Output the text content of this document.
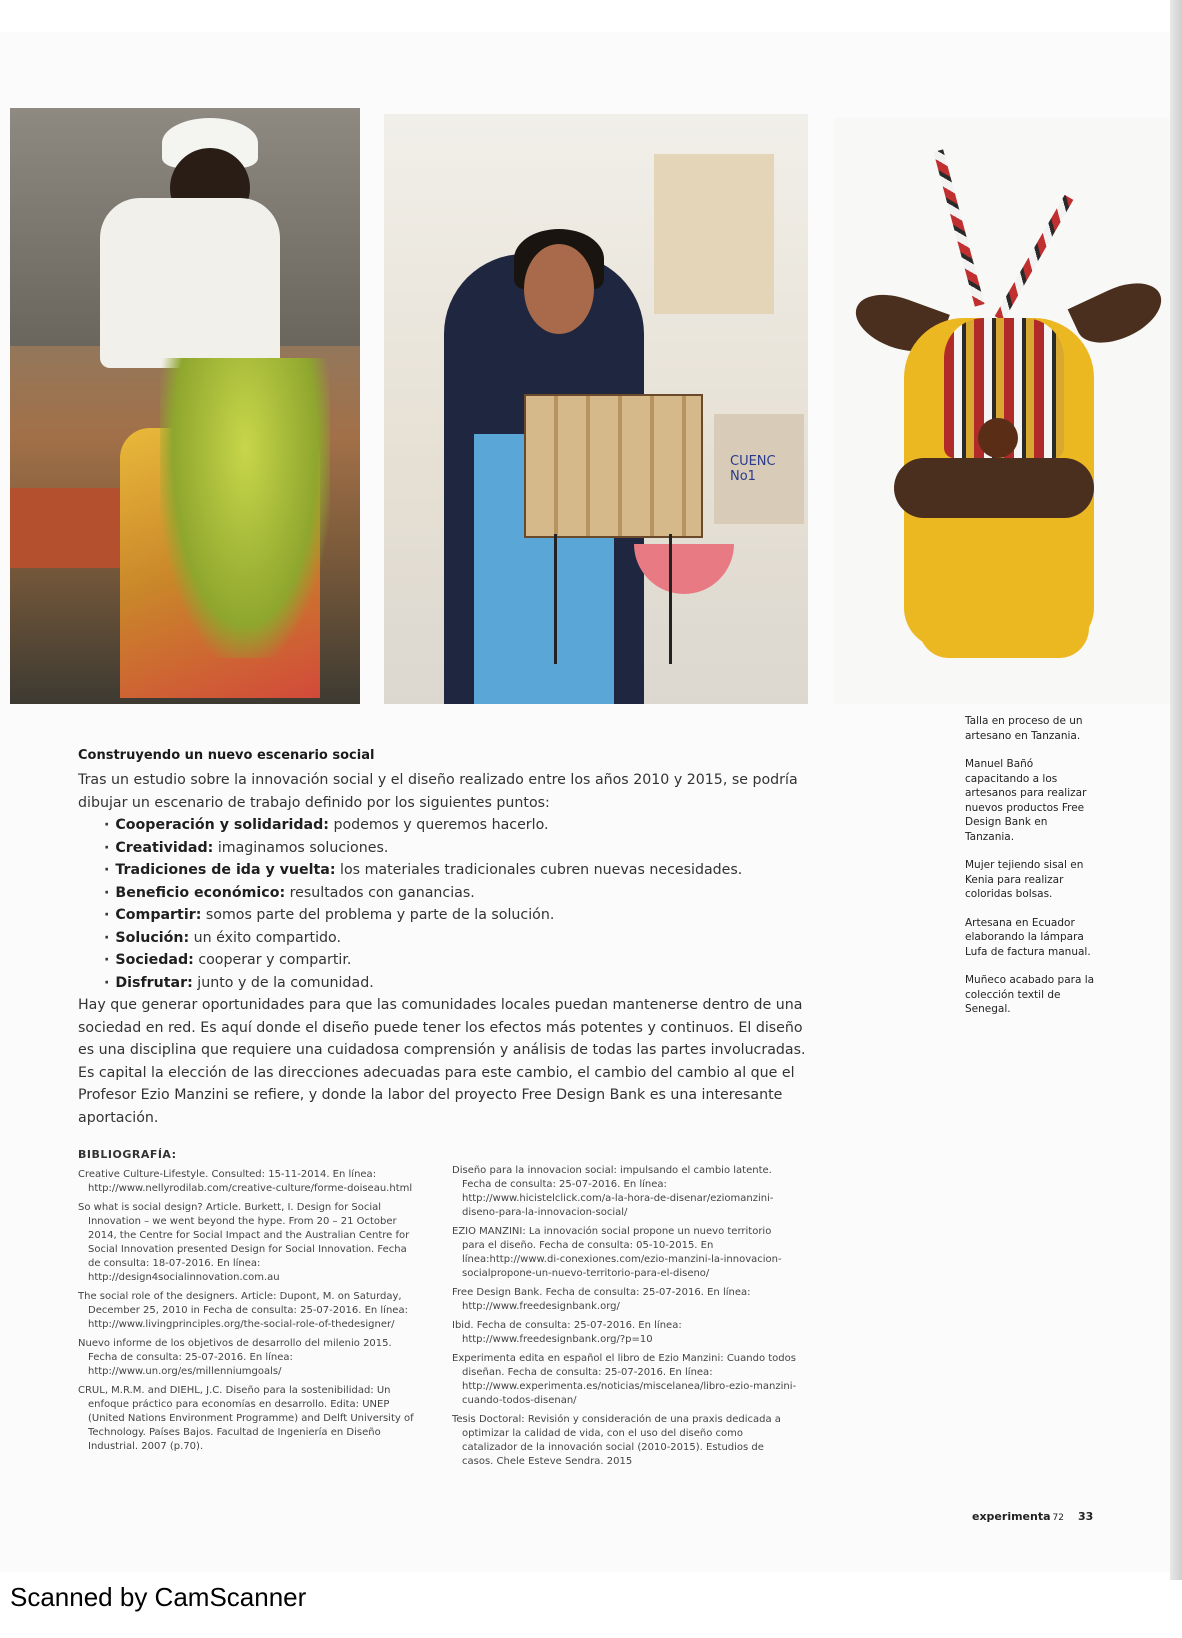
CUENC No1

Talla en proceso de un artesano en Tanzania.

Manuel Bañó capacitando a los artesanos para realizar nuevos productos Free Design Bank en Tanzania.

Mujer tejiendo sisal en Kenia para realizar coloridas bolsas.

Artesana en Ecuador elaborando la lámpara Lufa de factura manual.

Muñeco acabado para la colección textil de Senegal.

Construyendo un nuevo escenario social

Tras un estudio sobre la innovación social y el diseño realizado entre los años 2010 y 2015, se podría dibujar un escenario de trabajo definido por los siguientes puntos:

· Cooperación y solidaridad: podemos y queremos hacerlo.
· Creatividad: imaginamos soluciones.
· Tradiciones de ida y vuelta: los materiales tradicionales cubren nuevas necesidades.
· Beneficio económico: resultados con ganancias.
· Compartir: somos parte del problema y parte de la solución.
· Solución: un éxito compartido.
· Sociedad: cooperar y compartir.
· Disfrutar: junto y de la comunidad.

Hay que generar oportunidades para que las comunidades locales puedan mantenerse dentro de una sociedad en red. Es aquí donde el diseño puede tener los efectos más potentes y continuos. El diseño es una disciplina que requiere una cuidadosa comprensión y análisis de todas las partes involucradas. Es capital la elección de las direcciones adecuadas para este cambio, el cambio del cambio al que el Profesor Ezio Manzini se refiere, y donde la labor del proyecto Free Design Bank es una interesante aportación.

BIBLIOGRAFÍA:

Creative Culture-Lifestyle. Consulted: 15-11-2014. En línea: http://www.nellyrodilab.com/creative-culture/forme-doiseau.html

So what is social design? Article. Burkett, I. Design for Social Innovation – we went beyond the hype. From 20 – 21 October 2014, the Centre for Social Impact and the Australian Centre for Social Innovation presented Design for Social Innovation. Fecha de consulta: 18-07-2016. En línea: http://design4socialinnovation.com.au

The social role of the designers. Article: Dupont, M. on Saturday, December 25, 2010 in Fecha de consulta: 25-07-2016. En línea: http://www.livingprinciples.org/the-social-role-of-thedesigner/

Nuevo informe de los objetivos de desarrollo del milenio 2015. Fecha de consulta: 25-07-2016. En línea: http://www.un.org/es/millenniumgoals/

CRUL, M.R.M. and DIEHL, J.C. Diseño para la sostenibilidad: Un enfoque práctico para economías en desarrollo. Edita: UNEP (United Nations Environment Programme) and Delft University of Technology. Países Bajos. Facultad de Ingeniería en Diseño Industrial. 2007 (p.70).

Diseño para la innovacion social: impulsando el cambio latente. Fecha de consulta: 25-07-2016. En línea: http://www.hicistelclick.com/a-la-hora-de-disenar/eziomanzini-diseno-para-la-innovacion-social/

EZIO MANZINI: La innovación social propone un nuevo territorio para el diseño. Fecha de consulta: 05-10-2015. En línea:http://www.di-conexiones.com/ezio-manzini-la-innovacion-socialpropone-un-nuevo-territorio-para-el-diseno/

Free Design Bank. Fecha de consulta: 25-07-2016. En línea: http://www.freedesignbank.org/

Ibid. Fecha de consulta: 25-07-2016. En línea: http://www.freedesignbank.org/?p=10

Experimenta edita en español el libro de Ezio Manzini: Cuando todos diseñan. Fecha de consulta: 25-07-2016. En línea: http://www.experimenta.es/noticias/miscelanea/libro-ezio-manzini-cuando-todos-disenan/

Tesis Doctoral: Revisión y consideración de una praxis dedicada a optimizar la calidad de vida, con el uso del diseño como catalizador de la innovación social (2010-2015). Estudios de casos. Chele Esteve Sendra. 2015

experimenta 72 33
Scanned by CamScanner
